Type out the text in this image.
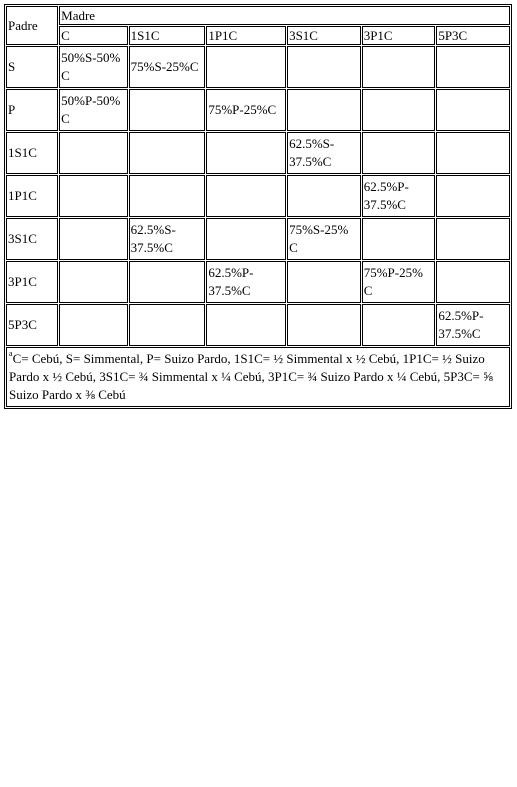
Padre	Madre					
	C	1S1C	1P1C	3S1C	3P1C	5P3C
S	50%S-50% C	75%S-25%C				
P	50%P-50% C		75%P-25%C			
1S1C				62.5%S-37.5%C		
1P1C					62.5%P-37.5%C	
3S1C		62.5%S-37.5%C		75%S-25% C		
3P1C			62.5%P-37.5%C		75%P-25% C	
5P3C						62.5%P-37.5%C
$^a$C= Cebú, S= Simmental, P= Suizo Pardo, 1S1C= ½ Simmental x ½ Cebú, 1P1C= ½ Suizo Pardo x ½ Cebú, 3S1C= ¾ Simmental x ¼ Cebú, 3P1C= ¾ Suizo Pardo x ¼ Cebú, 5P3C= ⅝ Suizo Pardo x ⅜ Cebú						
